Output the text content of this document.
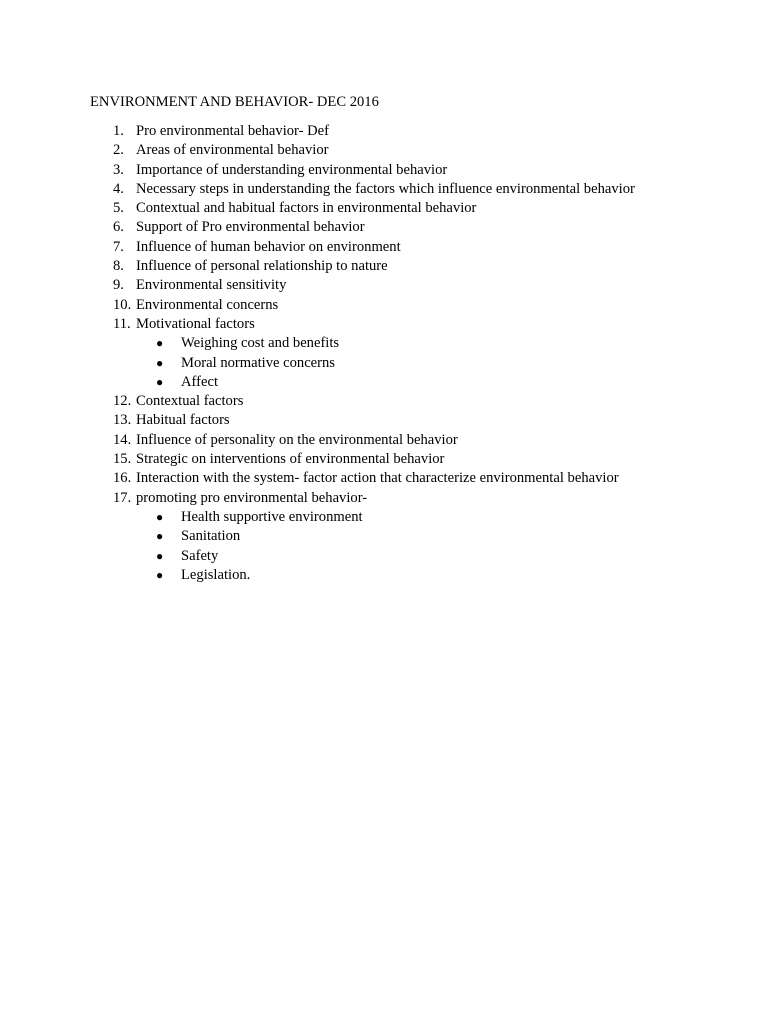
ENVIRONMENT AND BEHAVIOR- DEC 2016
1. Pro environmental behavior- Def
2. Areas of environmental behavior
3. Importance of understanding environmental behavior
4. Necessary steps in understanding the factors which influence environmental behavior
5. Contextual and habitual factors in environmental behavior
6. Support of Pro environmental behavior
7. Influence of human behavior on environment
8. Influence of personal relationship to nature
9. Environmental sensitivity
10. Environmental concerns
11. Motivational factors
● Weighing cost and benefits
● Moral normative concerns
● Affect
12. Contextual factors
13. Habitual factors
14. Influence of personality on the environmental behavior
15. Strategic on interventions of environmental behavior
16. Interaction with the system- factor action that characterize environmental behavior
17. promoting pro environmental behavior-
● Health supportive environment
● Sanitation
● Safety
● Legislation.
